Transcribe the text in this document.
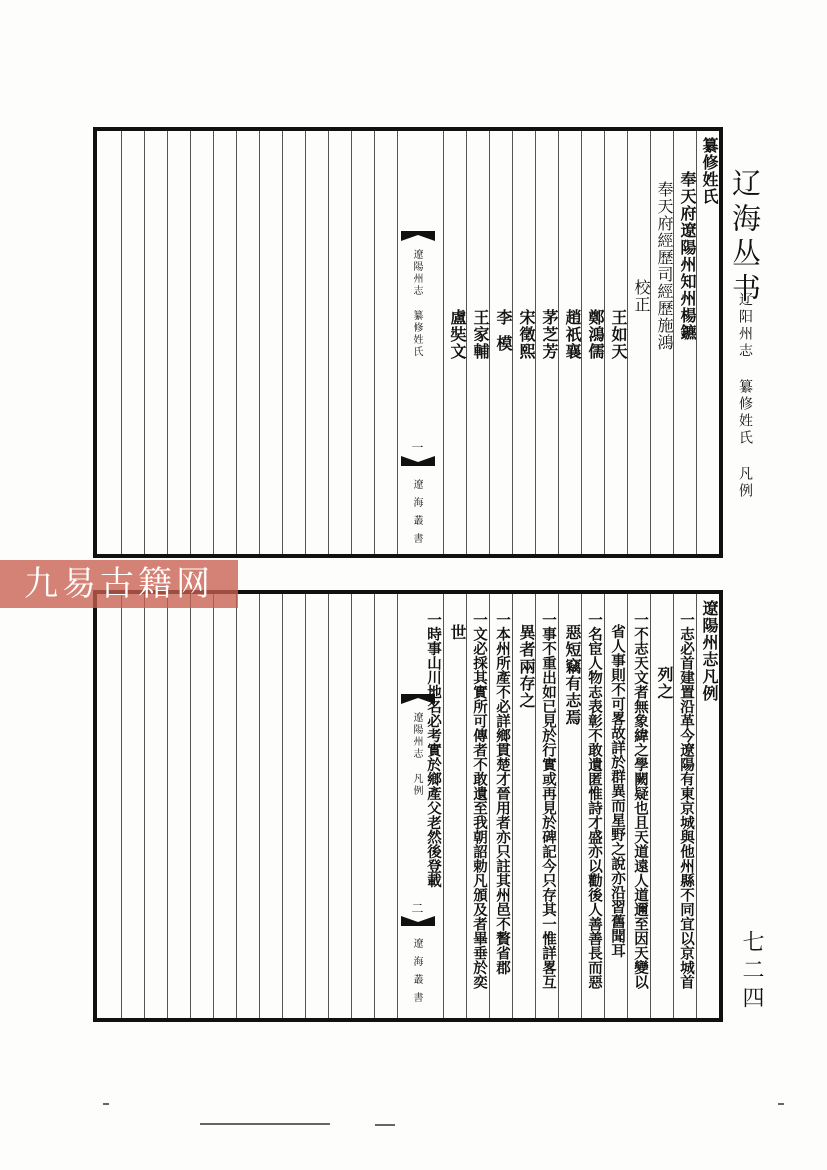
辽海丛书
辽阳州志 纂修姓氏 凡例
七二四
遼陽州志 纂修姓氏
一
遼海叢書
纂修姓氏
奉天府遼陽州知州楊鑣
奉天府經歷司經歷施鴻
校正
王如天
鄭鴻儒
趙祇襄
茅芝芳
宋徵熙
李模
王家輔
盧奘文
遼陽州志 凡例
二
遼海叢書
遼陽州志凡例
一志必首建置沿革今遼陽有東京城與他州縣不同宜以京城首
列之
一不志天文者無象緯之學闕疑也且天道遠人道邇至因天變以
省人事則不可畧故詳於群異而星野之說亦沿習舊聞耳
一名宦人物志表彰不敢遺匿惟詩才盛亦以勸後人善善長而惡
惡短竊有志焉
一事不重出如已見於行實或再見於碑記今只存其一惟詳畧互
異者兩存之
一本州所產不必詳鄉貫楚才晉用者亦只註其州邑不贅省郡
一文必採其實所可傳者不敢遺至我朝詔勅凡頒及者畢垂於奕
世
一時事山川地名必考實於鄉產父老然後登載
九易古籍网
